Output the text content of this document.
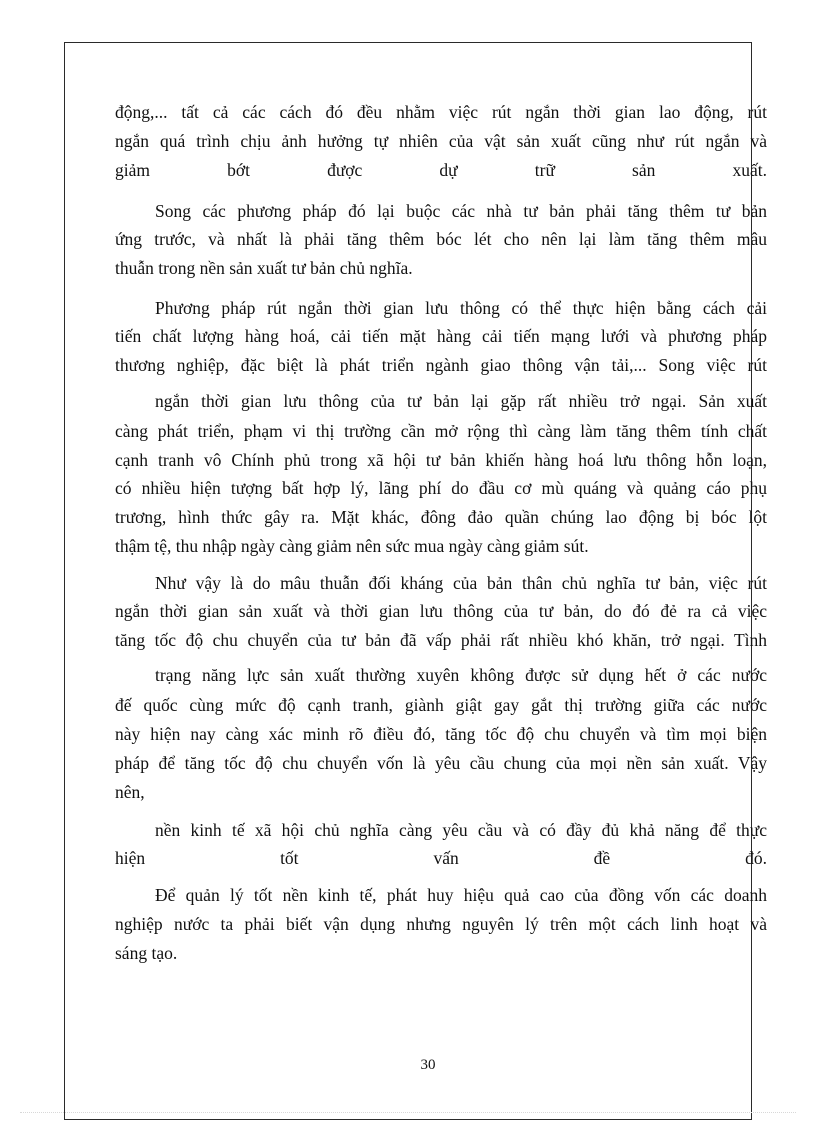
động,... tất cả các cách đó đều nhằm việc rút ngắn thời gian lao động, rút

ngắn quá trình chịu ảnh hưởng tự nhiên của vật sản xuất cũng như rút ngắn và

giảm bớt được dự trữ sản xuất.

Song các phương pháp đó lại buộc các nhà tư bản phải tăng thêm tư bản

ứng trước, và nhất là phải tăng thêm bóc lét cho nên lại làm tăng thêm mâu

thuẫn trong nền sản xuất tư bản chủ nghĩa.

Phương pháp rút ngắn thời gian lưu thông có thể thực hiện bằng cách cải

tiến chất lượng hàng hoá, cải tiến mặt hàng cải tiến mạng lưới và phương pháp

thương nghiệp, đặc biệt là phát triển ngành giao thông vận tải,... Song việc rút

ngắn thời gian lưu thông của tư bản lại gặp rất nhiều trở ngại. Sản xuất

càng phát triển, phạm vi thị trường cần mở rộng thì càng làm tăng thêm tính chất

cạnh tranh vô Chính phủ trong xã hội tư bản khiến hàng hoá lưu thông hỗn loạn,

có nhiều hiện tượng bất hợp lý, lãng phí do đầu cơ mù quáng và quảng cáo phụ

trương, hình thức gây ra. Mặt khác, đông đảo quần chúng lao động bị bóc lột

thậm tệ, thu nhập ngày càng giảm nên sức mua ngày càng giảm sút.

Như vậy là do mâu thuẫn đối kháng của bản thân chủ nghĩa tư bản, việc rút

ngắn thời gian sản xuất và thời gian lưu thông của tư bản, do đó đẻ ra cả việc

tăng tốc độ chu chuyển của tư bản đã vấp phải rất nhiều khó khăn, trở ngại. Tình

trạng năng lực sản xuất thường xuyên không được sử dụng hết ở các nước

đế quốc cùng mức độ cạnh tranh, giành giật gay gắt thị trường giữa các nước

này hiện nay càng xác minh rõ điều đó, tăng tốc độ chu chuyển và tìm mọi biện

pháp để tăng tốc độ chu chuyển vốn là yêu cầu chung của mọi nền sản xuất. Vậy

nên,

nền kinh tế xã hội chủ nghĩa càng yêu cầu và có đầy đủ khả năng để thực

hiện tốt vấn đề đó.

Để quản lý tốt nền kinh tế, phát huy hiệu quả cao của đồng vốn các doanh

nghiệp nước ta phải biết vận dụng nhưng nguyên lý trên một cách linh hoạt và

sáng tạo.

30
